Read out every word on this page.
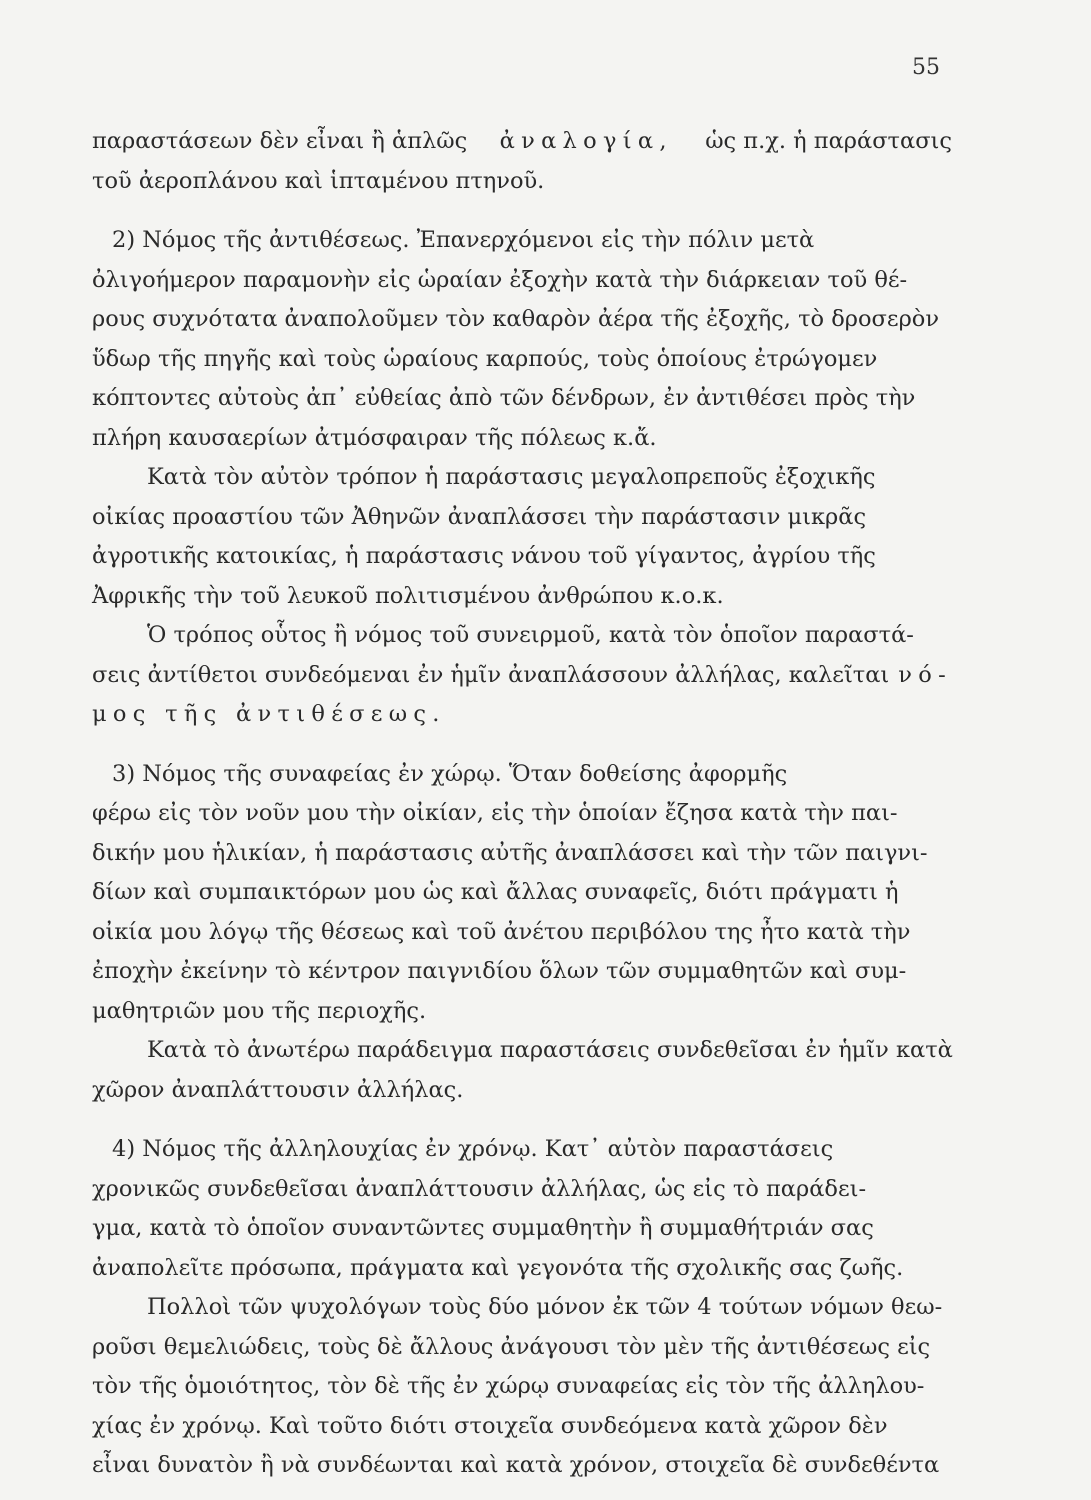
55
παραστάσεων δὲν εἶναι ἢ ἁπλῶς ἀναλογία, ὡς π.χ. ἡ παράστασις
τοῦ ἀεροπλάνου καὶ ἱπταμένου πτηνοῦ.
2) Νόμος τῆς ἀντιθέσεως. Ἐπανερχόμενοι εἰς τὴν πόλιν μετὰ
ὀλιγοήμερον παραμονὴν εἰς ὡραίαν ἐξοχὴν κατὰ τὴν διάρκειαν τοῦ θέ-
ρους συχνότατα ἀναπολοῦμεν τὸν καθαρὸν ἀέρα τῆς ἐξοχῆς, τὸ δροσερὸν
ὕδωρ τῆς πηγῆς καὶ τοὺς ὡραίους καρπούς, τοὺς ὁποίους ἐτρώγομεν
κόπτοντες αὐτοὺς ἀπ᾽ εὐθείας ἀπὸ τῶν δένδρων, ἐν ἀντιθέσει πρὸς τὴν
πλήρη καυσαερίων ἀτμόσφαιραν τῆς πόλεως κ.ἄ.
Κατὰ τὸν αὐτὸν τρόπον ἡ παράστασις μεγαλοπρεποῦς ἐξοχικῆς
οἰκίας προαστίου τῶν Ἀθηνῶν ἀναπλάσσει τὴν παράστασιν μικρᾶς
ἀγροτικῆς κατοικίας, ἡ παράστασις νάνου τοῦ γίγαντος, ἀγρίου τῆς
Ἀφρικῆς τὴν τοῦ λευκοῦ πολιτισμένου ἀνθρώπου κ.ο.κ.
Ὁ τρόπος οὗτος ἢ νόμος τοῦ συνειρμοῦ, κατὰ τὸν ὁποῖον παραστά-
σεις ἀντίθετοι συνδεόμεναι ἐν ἡμῖν ἀναπλάσσουν ἀλλήλας, καλεῖται νό-
μος τῆς ἀντιθέσεως.
3) Νόμος τῆς συναφείας ἐν χώρῳ. Ὅταν δοθείσης ἀφορμῆς
φέρω εἰς τὸν νοῦν μου τὴν οἰκίαν, εἰς τὴν ὁποίαν ἔζησα κατὰ τὴν παι-
δικήν μου ἡλικίαν, ἡ παράστασις αὐτῆς ἀναπλάσσει καὶ τὴν τῶν παιγνι-
δίων καὶ συμπαικτόρων μου ὡς καὶ ἄλλας συναφεῖς, διότι πράγματι ἡ
οἰκία μου λόγῳ τῆς θέσεως καὶ τοῦ ἀνέτου περιβόλου της ἦτο κατὰ τὴν
ἐποχὴν ἐκείνην τὸ κέντρον παιγνιδίου ὅλων τῶν συμμαθητῶν καὶ συμ-
μαθητριῶν μου τῆς περιοχῆς.
Κατὰ τὸ ἀνωτέρω παράδειγμα παραστάσεις συνδεθεῖσαι ἐν ἡμῖν κατὰ
χῶρον ἀναπλάττουσιν ἀλλήλας.
4) Νόμος τῆς ἀλληλουχίας ἐν χρόνῳ. Κατ᾽ αὐτὸν παραστάσεις
χρονικῶς συνδεθεῖσαι ἀναπλάττουσιν ἀλλήλας, ὡς εἰς τὸ παράδει-
γμα, κατὰ τὸ ὁποῖον συναντῶντες συμμαθητὴν ἢ συμμαθήτριάν σας
ἀναπολεῖτε πρόσωπα, πράγματα καὶ γεγονότα τῆς σχολικῆς σας ζωῆς.
Πολλοὶ τῶν ψυχολόγων τοὺς δύο μόνον ἐκ τῶν 4 τούτων νόμων θεω-
ροῦσι θεμελιώδεις, τοὺς δὲ ἄλλους ἀνάγουσι τὸν μὲν τῆς ἀντιθέσεως εἰς
τὸν τῆς ὁμοιότητος, τὸν δὲ τῆς ἐν χώρῳ συναφείας εἰς τὸν τῆς ἀλληλου-
χίας ἐν χρόνῳ. Καὶ τοῦτο διότι στοιχεῖα συνδεόμενα κατὰ χῶρον δὲν
εἶναι δυνατὸν ἢ νὰ συνδέωνται καὶ κατὰ χρόνον, στοιχεῖα δὲ συνδεθέντα
